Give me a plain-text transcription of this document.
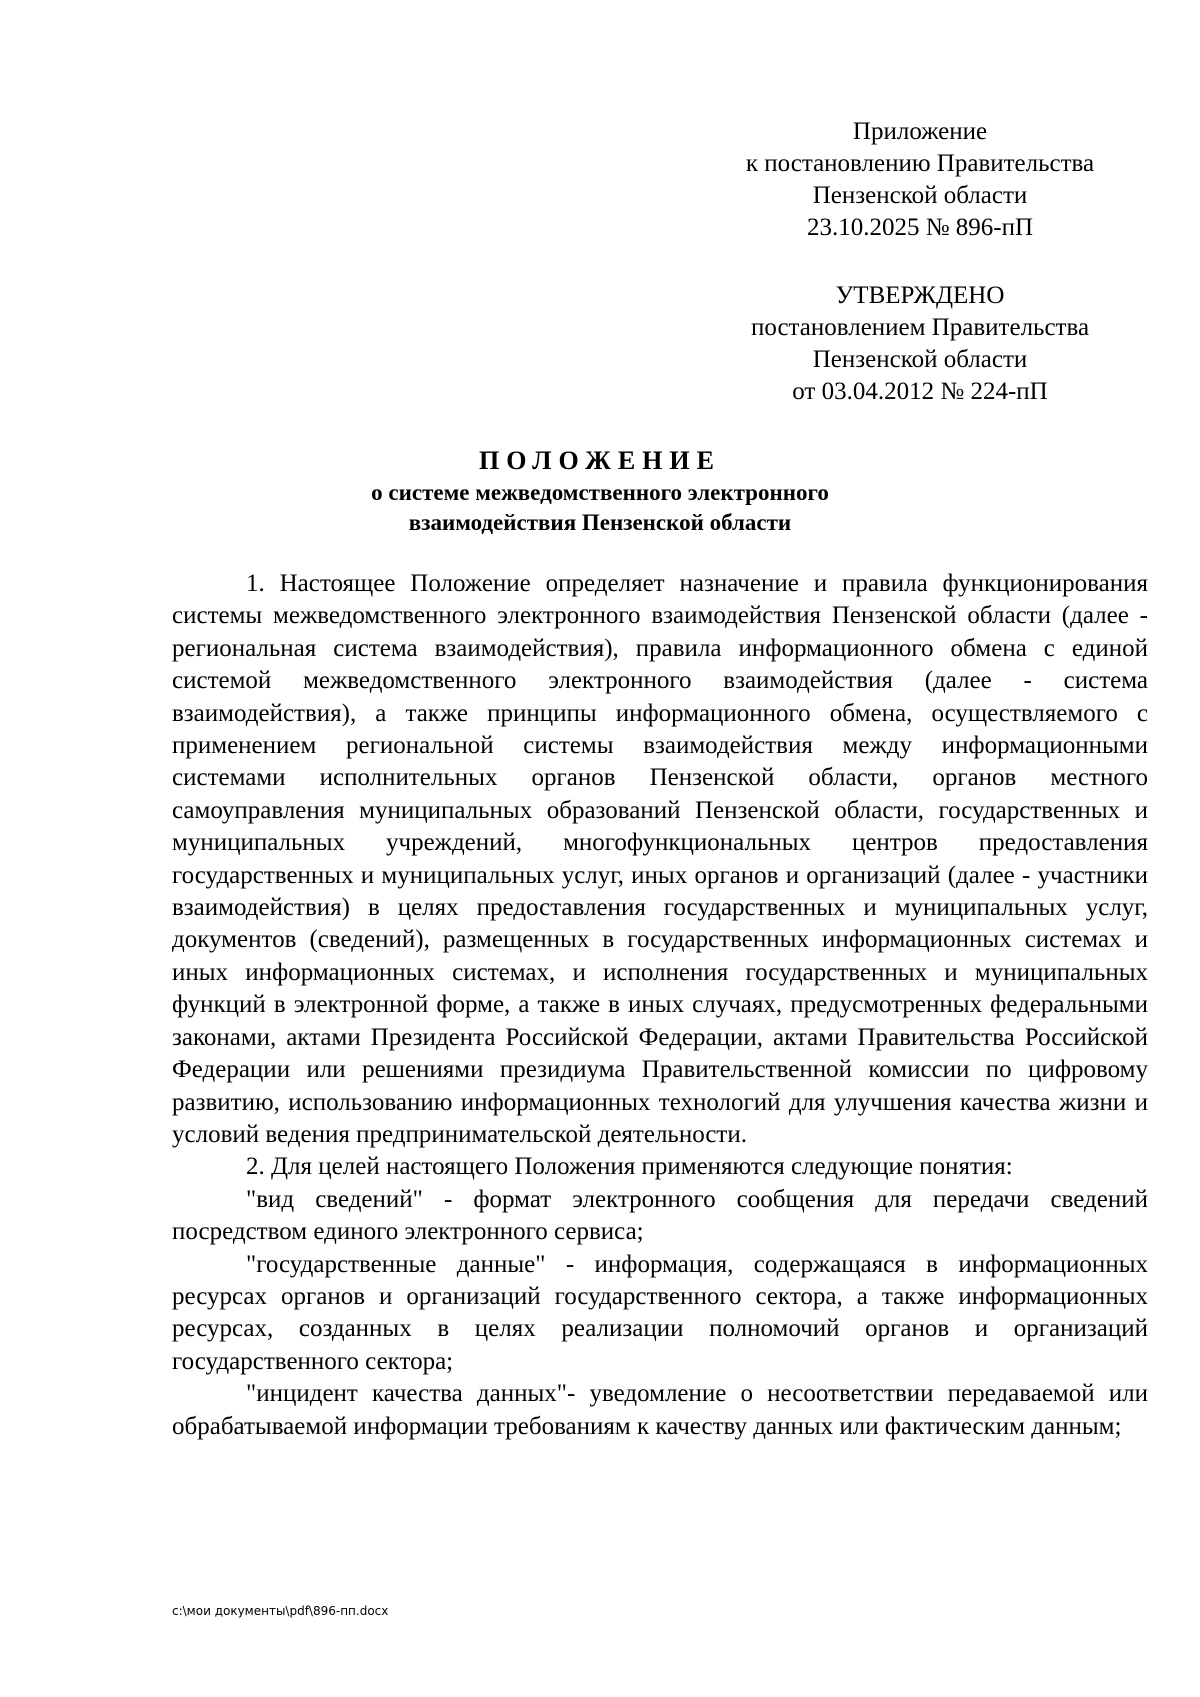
Приложение
к постановлению Правительства
Пензенской области
23.10.2025 № 896-пП
УТВЕРЖДЕНО
постановлением Правительства
Пензенской области
от 03.04.2012 № 224-пП
ПОЛОЖЕНИЕ
о системе межведомственного электронного
взаимодействия Пензенской области

1. Настоящее Положение определяет назначение и правила функционирования системы межведомственного электронного взаимодействия Пензенской области (далее - региональная система взаимодействия), правила информационного обмена с единой системой межведомственного электронного взаимодействия (далее - система взаимодействия), а также принципы информационного обмена, осуществляемого с применением региональной системы взаимодействия между информационными системами исполнительных органов Пензенской области, органов местного самоуправления муниципальных образований Пензенской области, государственных и муниципальных учреждений, многофункциональных центров предоставления государственных и муниципальных услуг, иных органов и организаций (далее - участники взаимодействия) в целях предоставления государственных и муниципальных услуг, документов (сведений), размещенных в государственных информационных системах и иных информационных системах, и исполнения государственных и муниципальных функций в электронной форме, а также в иных случаях, предусмотренных федеральными законами, актами Президента Российской Федерации, актами Правительства Российской Федерации или решениями президиума Правительственной комиссии по цифровому развитию, использованию информационных технологий для улучшения качества жизни и условий ведения предпринимательской деятельности.

2. Для целей настоящего Положения применяются следующие понятия:

"вид сведений" - формат электронного сообщения для передачи сведений посредством единого электронного сервиса;

"государственные данные" - информация, содержащаяся в информационных ресурсах органов и организаций государственного сектора, а также информационных ресурсах, созданных в целях реализации полномочий органов и организаций государственного сектора;

"инцидент качества данных"- уведомление о несоответствии передаваемой или обрабатываемой информации требованиям к качеству данных или фактическим данным;

c:\мои документы\pdf\896-пп.docx
